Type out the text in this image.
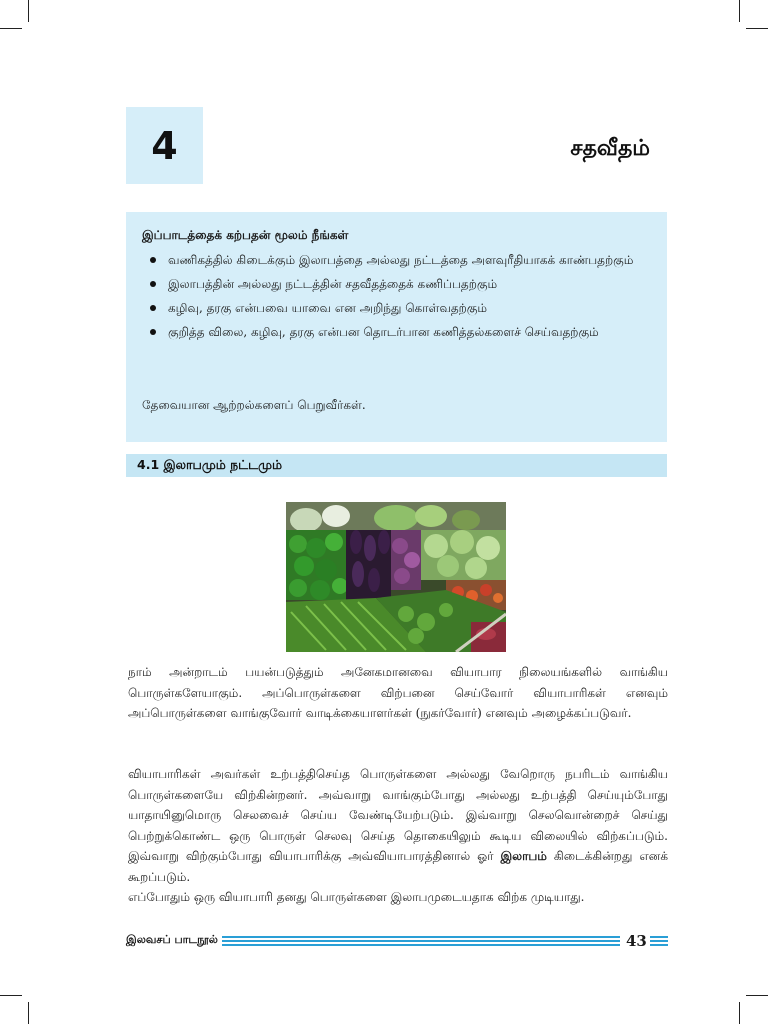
4	சதவீதம்
இப்பாடத்தைக் கற்பதன் மூலம் நீங்கள்
வணிகத்தில் கிடைக்கும் இலாபத்தை அல்லது நட்டத்தை அளவுரீதியாகக் காண்பதற்கும்
இலாபத்தின் அல்லது நட்டத்தின் சதவீதத்தைக் கணிப்பதற்கும்
கழிவு, தரகு என்பவை யாவை என அறிந்து கொள்வதற்கும்
குறித்த விலை, கழிவு, தரகு என்பன தொடர்பான கணித்தல்களைச் செய்வதற்கும்
தேவையான ஆற்றல்களைப் பெறுவீர்கள்.
4.1 இலாபமும் நட்டமும்

நாம் அன்றாடம் பயன்படுத்தும் அனேகமானவை வியாபார நிலையங்களில் வாங்கிய பொருள்களேயாகும். அப்பொருள்களை விற்பனை செய்வோர் வியாபாரிகள் எனவும் அப்பொருள்களை வாங்குவோர் வாடிக்கையாளர்கள் (நுகர்வோர்) எனவும் அழைக்கப்படுவர்.

வியாபாரிகள் அவர்கள் உற்பத்திசெய்த பொருள்களை அல்லது வேறொரு நபரிடம் வாங்கிய பொருள்களையே விற்கின்றனர். அவ்வாறு வாங்கும்போது அல்லது உற்பத்தி செய்யும்போது யாதாயினுமொரு செலவைச் செய்ய வேண்டியேற்படும். இவ்வாறு செலவொன்றைச் செய்து பெற்றுக்கொண்ட ஒரு பொருள் செலவு செய்த தொகையிலும் கூடிய விலையில் விற்கப்படும். இவ்வாறு விற்கும்போது வியாபாரிக்கு அவ்வியாபாரத்தினால் ஓர் இலாபம் கிடைக்கின்றது எனக் கூறப்படும்.
எப்போதும் ஒரு வியாபாரி தனது பொருள்களை இலாபமுடையதாக விற்க முடியாது.

இலவசப் பாடநூல்	43
